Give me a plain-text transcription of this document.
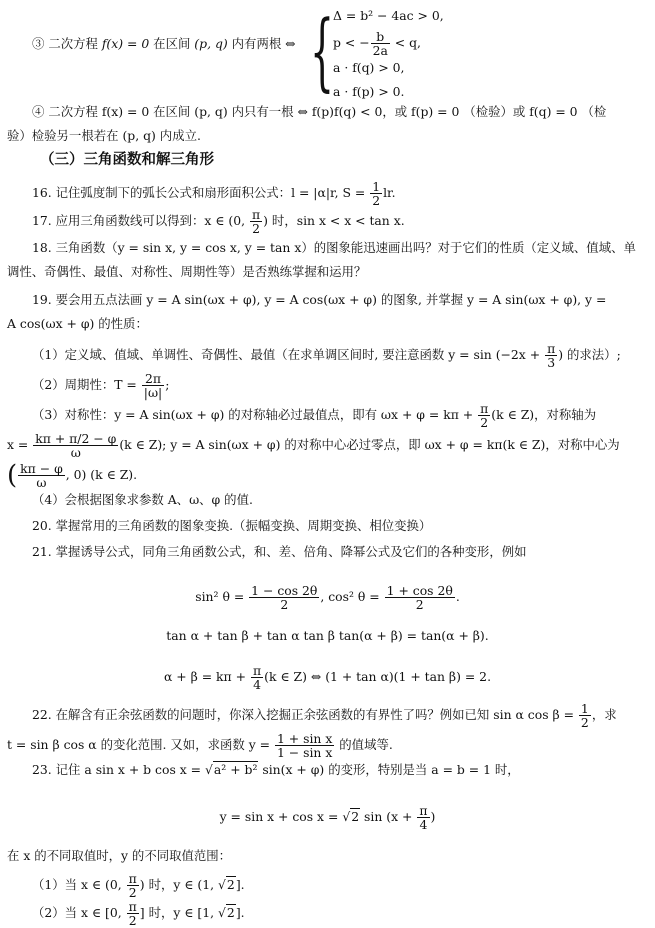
③ 二次方程 f(x) = 0 在区间 (p, q) 内有两根 ⇔ {
Δ = b² − 4ac > 0,
p < − $\frac{b}{2a} < q$,
a · f(q) > 0,
a · f(p) > 0.
④ 二次方程 f(x) = 0 在区间 (p, q) 内只有一根 ⇔ f(p)f(q) < 0，或 f(p) = 0 （检验）或 f(q) = 0 （检
验）检验另一根若在 (p, q) 内成立.
（三）三角函数和解三角形
16. 记住弧度制下的弧长公式和扇形面积公式：l = |α|r, $S = \frac{1}{2}$ lr.
17. 应用三角函数线可以得到：x ∈ (0, $\frac{\pi}{2}$ ) 时，sin x < x < tan x.
18. 三角函数（y = sin x, y = cos x, y = tan x）的图象能迅速画出吗？对于它们的性质（定义域、值域、单
调性、奇偶性、最值、对称性、周期性等）是否熟练掌握和运用？
19. 要会用五点法画 y = A sin(ωx + φ), y = A cos(ωx + φ) 的图象, 并掌握 y = A sin(ωx + φ), y =
A cos(ωx + φ) 的性质：
（1）定义域、值域、单调性、奇偶性、最值（在求单调区间时, 要注意函数 $y = \sin (-2x + \frac{\pi}{3}$ ) 的求法）;
（2）周期性：$T = \frac{2\pi}{|\omega|}$ ;
（3）对称性：y = A sin(ωx + φ) 的对称轴必过最值点，即有 $\omega x + \varphi = k\pi + \frac{\pi}{2} (k$ ∈ Z)，对称轴为
$x = \frac{k\pi + \pi/2 - \varphi}{\omega} (k$ ∈ Z); y = A sin(ωx + φ) 的对称中心必过零点，即 ωx + φ = kπ(k ∈ Z)，对称中心为
( $\frac{k\pi - \varphi}{\omega}$ , 0) (k ∈ Z).
（4）会根据图象求参数 A、ω、φ 的值.
20. 掌握常用的三角函数的图象变换.（振幅变换、周期变换、相位变换）
21. 掌握诱导公式，同角三角函数公式，和、差、倍角、降幂公式及它们的各种变形，例如
sin² $\theta = \frac{1 - \cos 2\theta}{2}$ , cos² $\theta = \frac{1 + \cos 2\theta}{2}$ .
tan α + tan β + tan α tan β tan(α + β) = tan(α + β).
$\alpha + \beta = k\pi + \frac{\pi}{4} (k$ ∈ Z) ⇔ (1 + tan α)(1 + tan β) = 2.
22. 在解含有正余弦函数的问题时，你深入挖掘正余弦函数的有界性了吗？例如已知 sin α $\cos \beta = \frac{1}{2}$ ，求
t = sin β cos α 的变化范围. 又如，求函数 $y = \frac{\text{1 + sin x}}{\text{1 − sin x}}$ 的值域等.
23. 记住 a sin x + b cos x = √a² + b² sin(x + φ) 的变形，特别是当 a = b = 1 时，
y = sin x + cos x = √2 $\sin (x + \frac{\pi}{4}$ )
在 x 的不同取值时，y 的不同取值范围：
（1）当 x ∈ (0, $\frac{\pi}{2}$ ) 时，y ∈ (1, √2].
（2）当 x ∈ [0, $\frac{\pi}{2}$ ] 时，y ∈ [1, √2].
